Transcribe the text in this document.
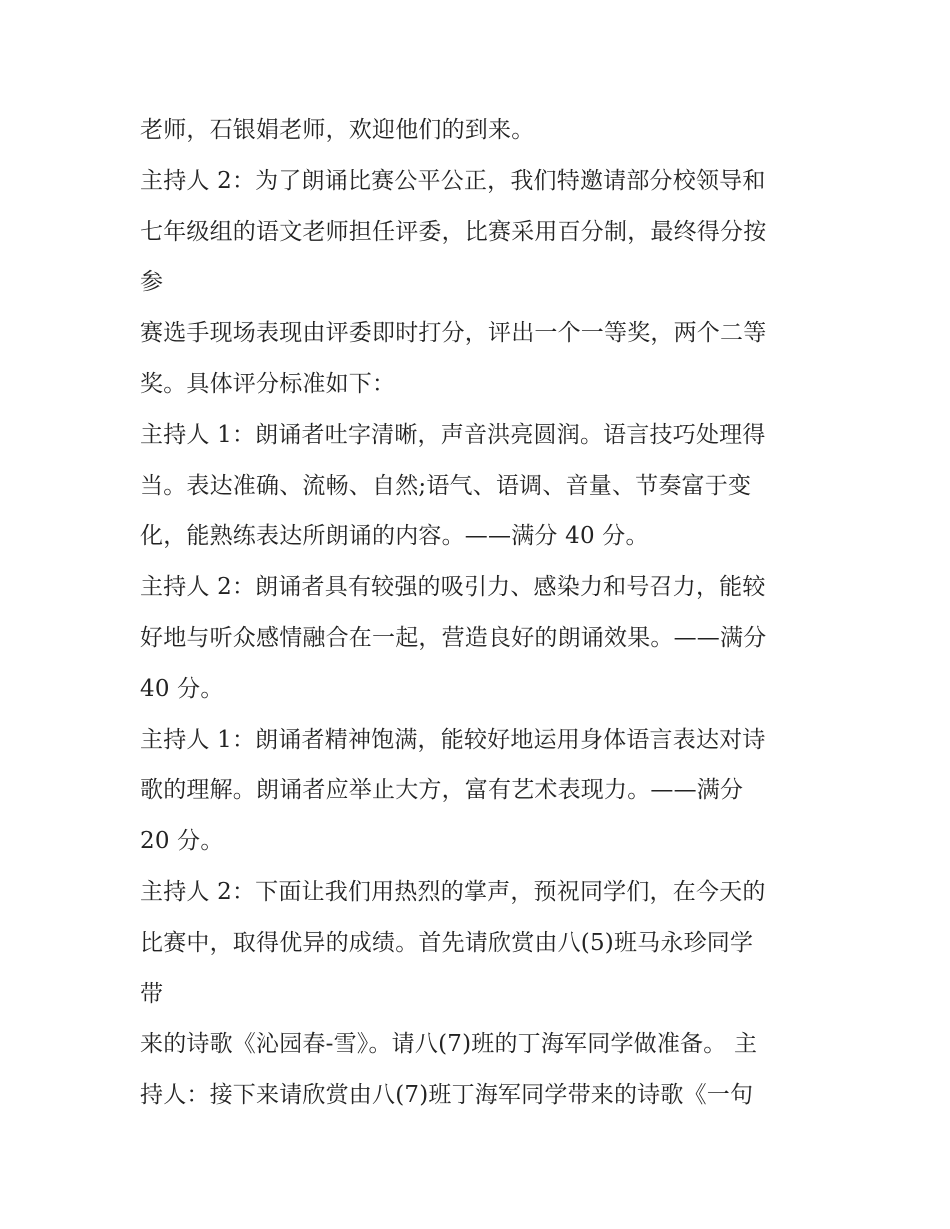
老师，石银娟老师，欢迎他们的到来。
主持人 2：为了朗诵比赛公平公正，我们特邀请部分校领导和
七年级组的语文老师担任评委，比赛采用百分制，最终得分按
参
赛选手现场表现由评委即时打分，评出一个一等奖，两个二等
奖。具体评分标准如下：
主持人 1：朗诵者吐字清晰，声音洪亮圆润。语言技巧处理得
当。表达准确、流畅、自然;语气、语调、音量、节奏富于变
化，能熟练表达所朗诵的内容。——满分 40 分。
主持人 2：朗诵者具有较强的吸引力、感染力和号召力，能较
好地与听众感情融合在一起，营造良好的朗诵效果。——满分
40 分。
主持人 1：朗诵者精神饱满，能较好地运用身体语言表达对诗
歌的理解。朗诵者应举止大方，富有艺术表现力。——满分
20 分。
主持人 2：下面让我们用热烈的掌声，预祝同学们，在今天的
比赛中，取得优异的成绩。首先请欣赏由八(5)班马永珍同学
带
来的诗歌《沁园春-雪》。请八(7)班的丁海军同学做准备。 主
持人：接下来请欣赏由八(7)班丁海军同学带来的诗歌《一句
